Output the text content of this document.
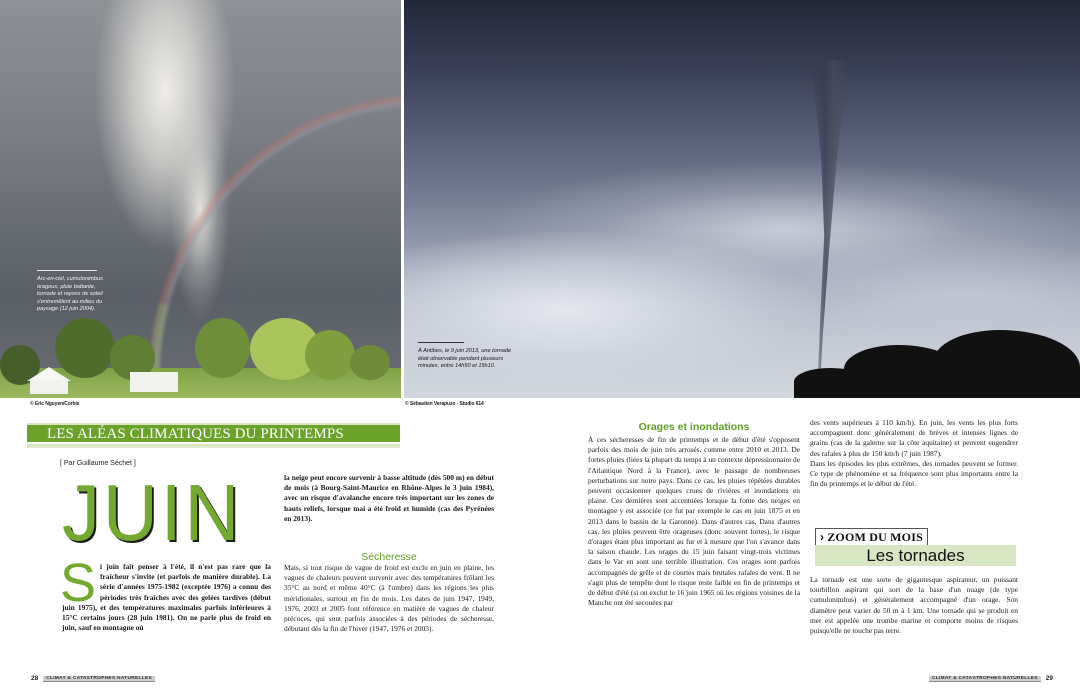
Arc-en-ciel, cumulonimbus orageux, pluie battante, tornade et rayons de soleil s'entremêlent au milieu du paysage (12 juin 2004).
À Antibes, le 9 juin 2013, une tornade était observable pendant plusieurs minutes, entre 14h50 et 15h10.
© Eric Nguyen/Corbis	© Sébastien Verapuzo - Studio 614
LES ALÉAS CLIMATIQUES DU PRINTEMPS
[ Par Guillaume Séchet ]
JUIN
S i juin fait penser à l'été, il n'est pas rare que la fraîcheur s'invite (et parfois de manière durable). La série d'années 1975-1982 (exceptée 1976) a connu des périodes très fraîches avec des gelées tardives (début juin 1975), et des températures maximales parfois inférieures à 15°C certains jours (28 juin 1981). On ne parle plus de froid en juin, sauf en montagne où
la neige peut encore survenir à basse altitude (dès 500 m) en début de mois (à Bourg-Saint-Maurice en Rhône-Alpes le 3 juin 1984), avec un risque d'avalanche encore très important sur les zones de hauts reliefs, lorsque mai a été froid et humide (cas des Pyrénées en 2013).
Sécheresse
Mais, si tout risque de vague de froid est exclu en juin en plaine, les vagues de chaleurs peuvent survenir avec des températures frôlant les 35°C au nord et même 40°C (à l'ombre) dans les régions les plus méridionales, surtout en fin de mois. Les dates de juin 1947, 1949, 1976, 2003 et 2005 font référence en matière de vagues de chaleur précoces, qui sont parfois associées à des périodes de sécheresse, débutant dès la fin de l'hiver (1947, 1976 et 2003).
Orages et inondations
À ces sécheresses de fin de printemps et de début d'été s'opposent parfois des mois de juin très arrosés, comme entre 2010 et 2013. De fortes pluies (liées la plupart du temps à un contexte dépressionnaire de l'Atlantique Nord à la France), avec le passage de nombreuses perturbations sur notre pays. Dans ce cas, les pluies répétées durables peuvent occasionner quelques crues de rivières et inondations en plaine. Ces dernières sont accentuées lorsque la fonte des neiges en montagne y est associée (ce fut par exemple le cas en juin 1875 et en 2013 dans le bassin de la Garonne). Dans d'autres cas, Dans d'autres cas, les pluies peuvent être orageuses (donc souvent fortes), le risque d'orages étant plus important au fur et à mesure que l'on s'avance dans la saison chaude. Les orages du 15 juin faisant vingt-trois victimes dans le Var en sont une terrible illustration. Ces orages sont parfois accompagnés de grêle et de courtes mais brutales rafales de vent. Il ne s'agit plus de tempête dont le risque reste faible en fin de printemps et de début d'été (si on exclut le 16 juin 1965 où les régions voisines de la Manche ont été secouées par

des vents supérieurs à 110 km/h). En juin, les vents les plus forts accompagnent donc généralement de brèves et intenses lignes de grains (cas de la galerne sur la côte aquitaine) et peuvent engendrer des rafales à plus de 150 km/h (7 juin 1987).

Dans les épisodes les plus extrêmes, des tornades peuvent se former. Ce type de phénomène et sa fréquence sont plus importants entre la fin du printemps et le début de l'été.

› ZOOM DU MOIS
Les tornades
La tornade est une sorte de gigantesque aspirateur, un puissant tourbillon aspirant qui sort de la base d'un nuage (de type cumulonimbus) et généralement accompagné d'un orage. Son diamètre peut varier de 50 m à 1 km. Une tornade qui se produit en mer est appelée une trombe marine et comporte moins de risques puisqu'elle ne touche pas terre.
28	CLIMAT & CATASTROPHES NATURELLES	CLIMAT & CATASTROPHES NATURELLES	29
